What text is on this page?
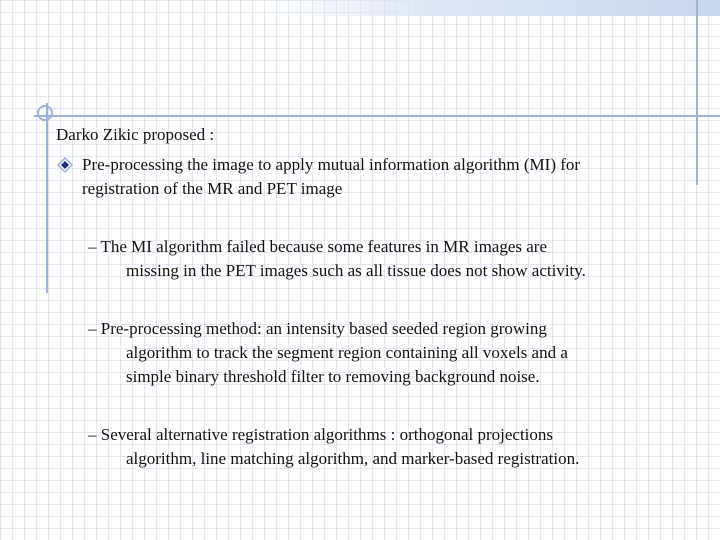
Darko Zikic proposed :

Pre-processing the image to apply mutual information algorithm (MI) for
registration of the MR and PET image
– The MI algorithm failed because some features in MR images are
missing in the PET images such as all tissue does not show activity.
– Pre-processing method: an intensity based seeded region growing
algorithm to track the segment region containing all voxels and a
simple binary threshold filter to removing background noise.
– Several alternative registration algorithms : orthogonal projections
algorithm, line matching algorithm, and marker-based registration.
